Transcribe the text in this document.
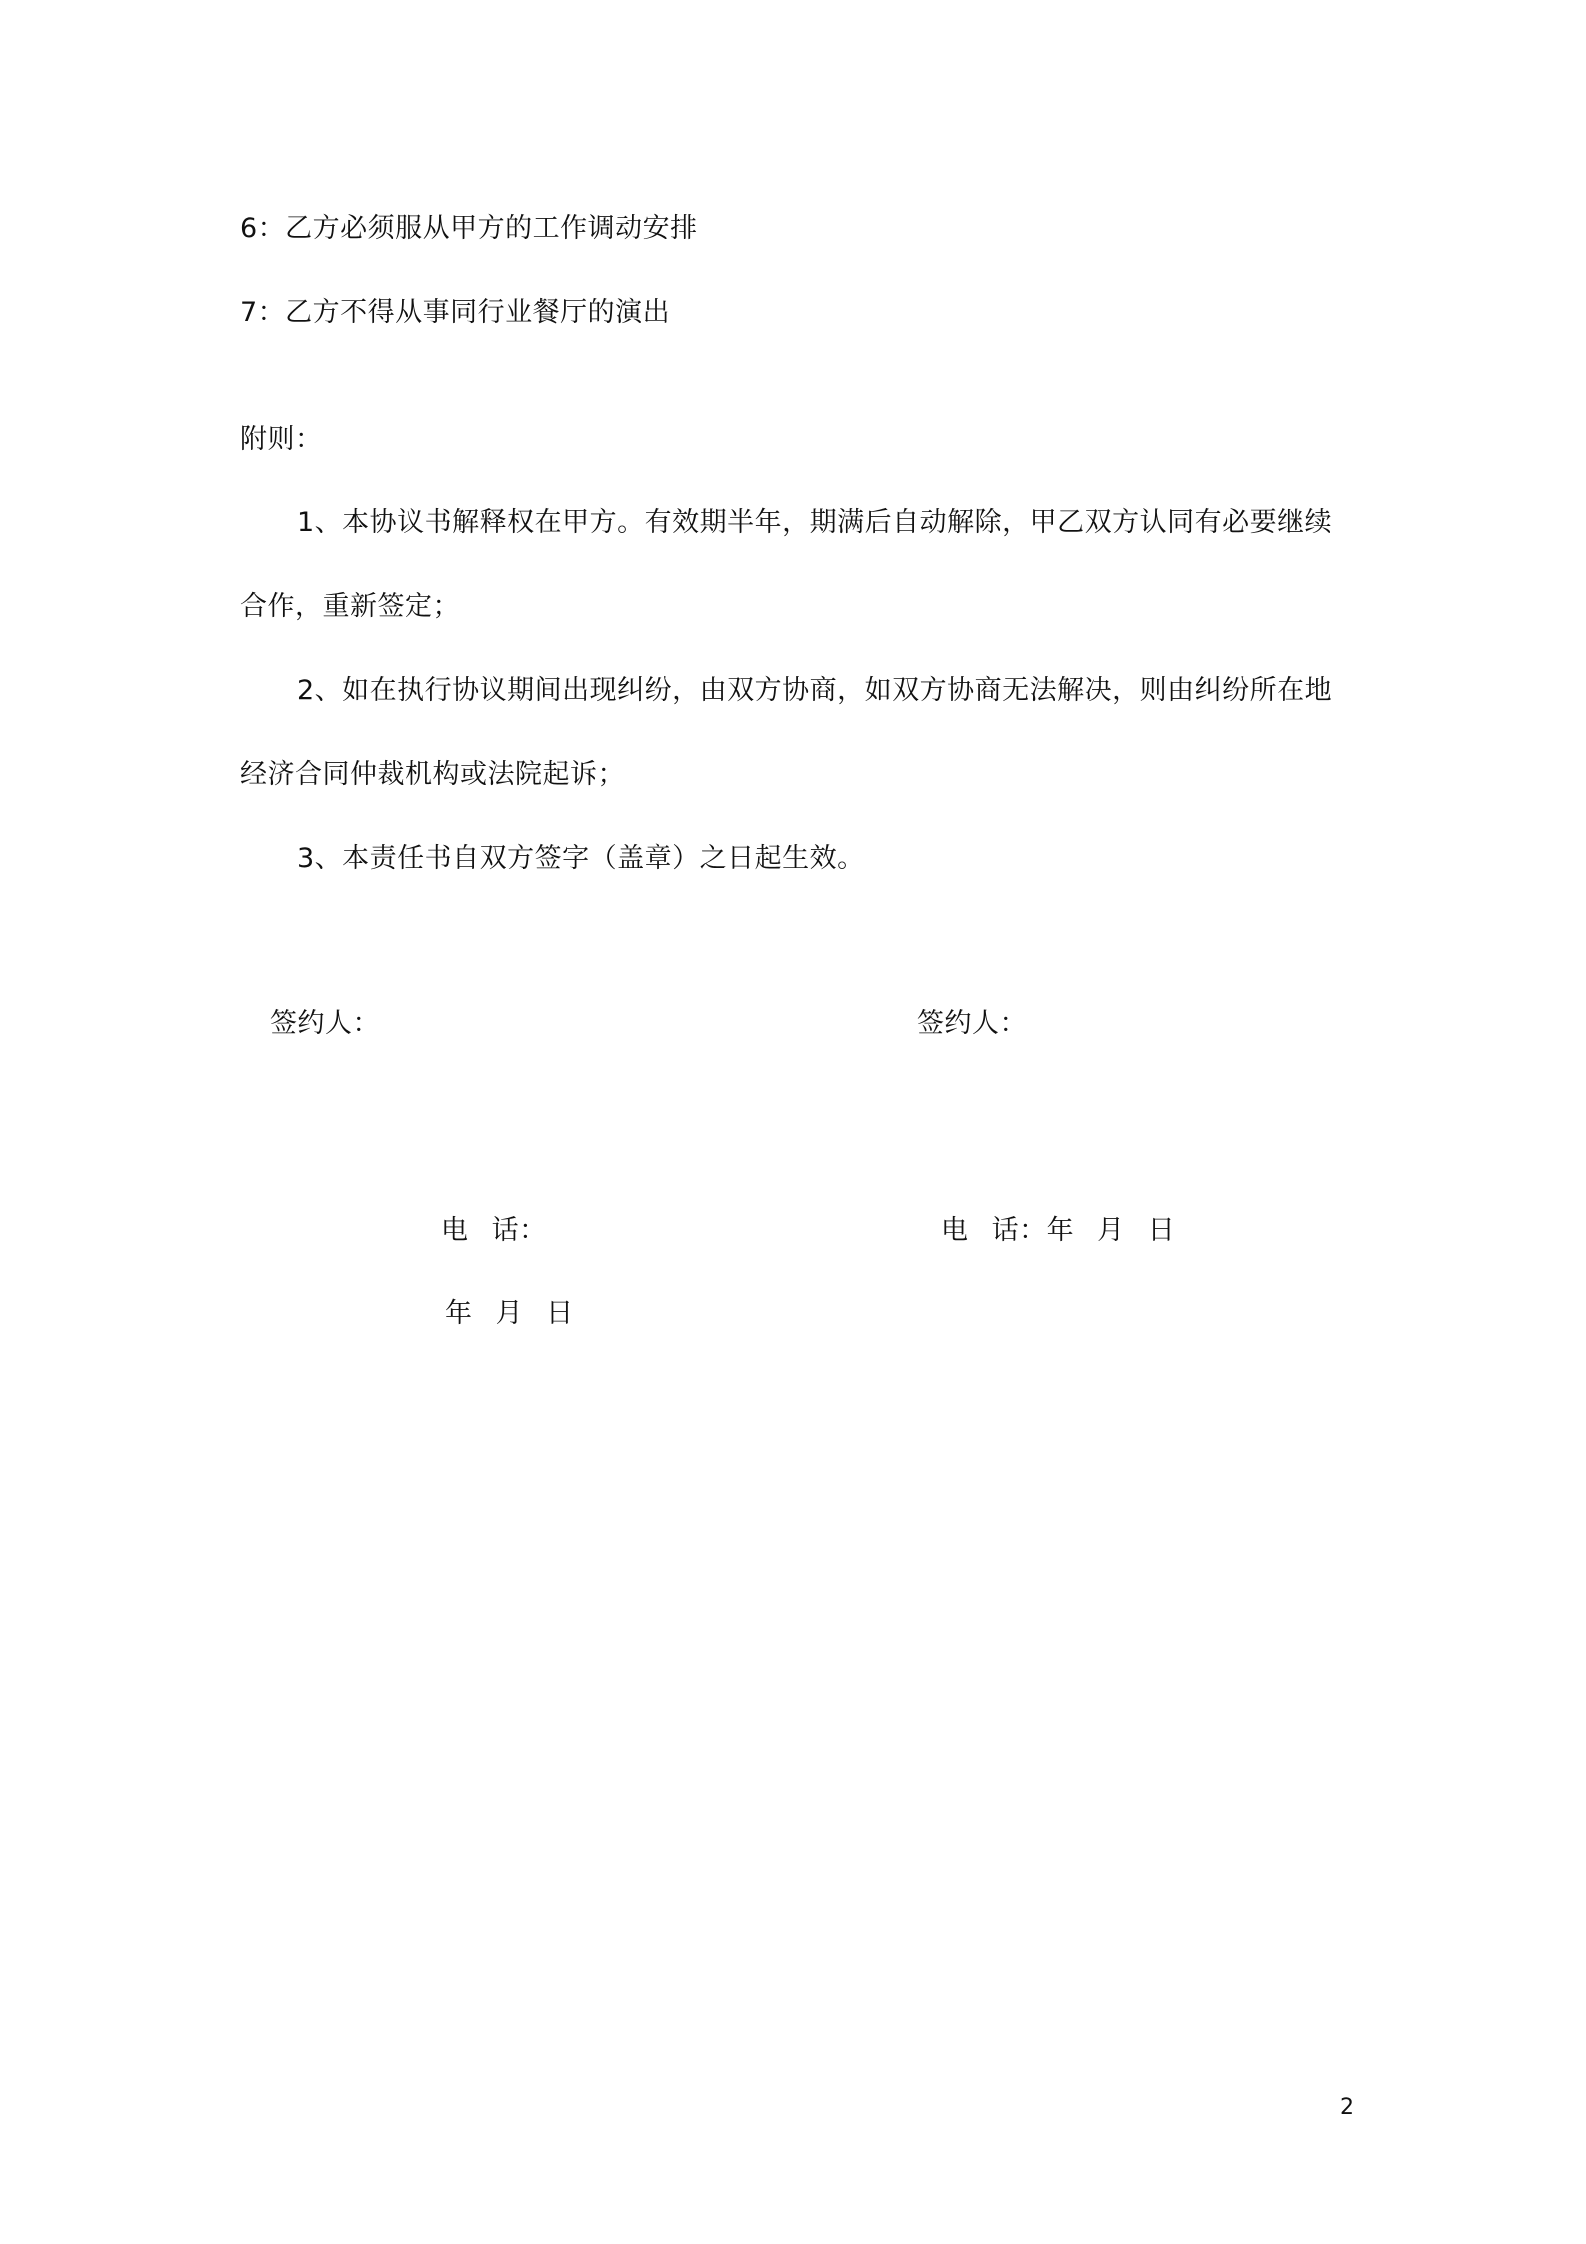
6：乙方必须服从甲方的工作调动安排
7：乙方不得从事同行业餐厅的演出
附则：
1、本协议书解释权在甲方。有效期半年，期满后自动解除，甲乙双方认同有必要继续
合作，重新签定；
2、如在执行协议期间出现纠纷，由双方协商，如双方协商无法解决，则由纠纷所在地
经济合同仲裁机构或法院起诉；
3、本责任书自双方签字（盖章）之日起生效。
签约人：	签约人：
电 话：	电 话：年 月 日
年 月 日
2
